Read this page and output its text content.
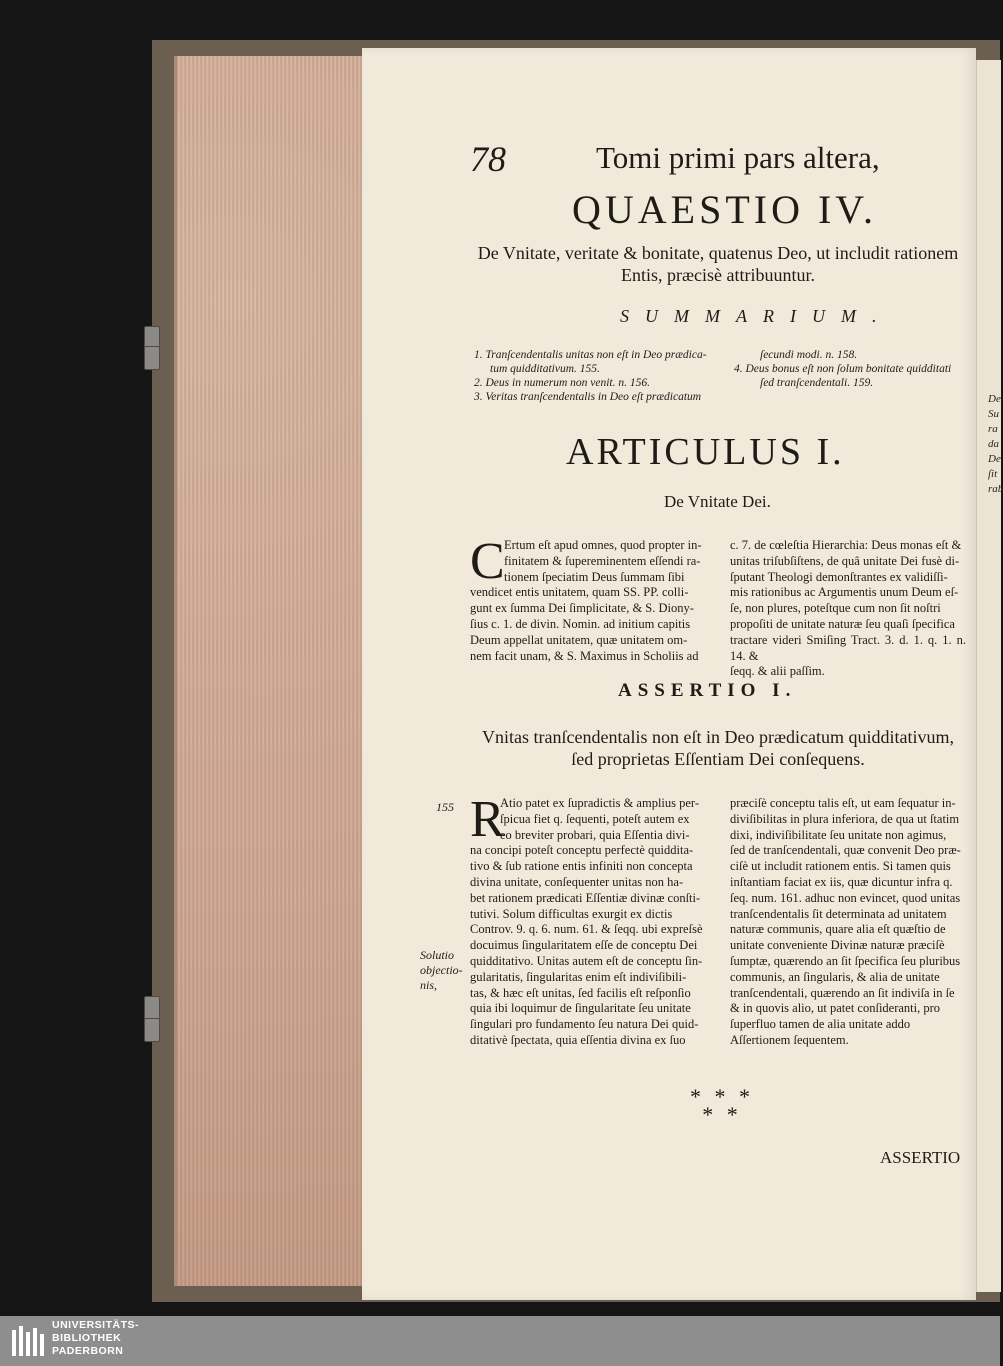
De
Su
ra
da
De
ſit
rab
78	Tomi primi pars altera,
QUAESTIO IV.
De Vnitate, veritate & bonitate, quatenus Deo, ut includit rationem Entis, præcisè attribuuntur.
SUMMARIUM.
1. Tranſcendentalis unitas non eſt in Deo prædica-
tum quidditativum. 155.
2. Deus in numerum non venit. n. 156.
3. Veritas tranſcendentalis in Deo eſt prædicatum
ſecundi modi. n. 158.
4. Deus bonus eſt non ſolum bonitate quidditati
ſed tranſcendentali. 159.
ARTICULUS I.
De Vnitate Dei.
C Ertum eſt apud omnes, quod propter in-
finitatem & ſupereminentem eſſendi ra-
tionem ſpeciatim Deus ſummam ſibi
vendicet entis unitatem, quam SS. PP. colli-
gunt ex ſumma Dei ſimplicitate, & S. Diony-
ſius c. 1. de divin. Nomin. ad initium capitis
Deum appellat unitatem, quæ unitatem om-
nem facit unam, & S. Maximus in Scholiis ad
c. 7. de cœleſtia Hierarchia: Deus monas eſt &
unitas triſubſiſtens, de quâ unitate Dei fusè di-
ſputant Theologi demonſtrantes ex validiſſi-
mis rationibus ac Argumentis unum Deum eſ-
ſe, non plures, poteſtque cum non ſit noſtri
propoſiti de unitate naturæ ſeu quaſi ſpecifica
tractare videri Smiſing Tract. 3. d. 1. q. 1. n. 14. &
ſeqq. & alii paſſim.
ASSERTIO I.
Vnitas tranſcendentalis non eſt in Deo prædicatum quidditativum, ſed proprietas Eſſentiam Dei conſequens.
155
Solutio
objectio-
nis,
R
Atio patet ex ſupradictis & amplius per-
ſpicua fiet q. ſequenti, poteſt autem ex
eo breviter probari, quia Eſſentia divi-
na concipi poteſt conceptu perfectè quiddita-
tivo & ſub ratione entis infiniti non concepta
divina unitate, conſequenter unitas non ha-
bet rationem prædicati Eſſentiæ divinæ conſti-
tutivi. Solum difficultas exurgit ex dictis
Controv. 9. q. 6. num. 61. & ſeqq. ubi expreſsè
docuimus ſingularitatem eſſe de conceptu Dei
quidditativo. Unitas autem eſt de conceptu ſin-
gularitatis, ſingularitas enim eſt indiviſibili-
tas, & hæc eſt unitas, ſed facilis eſt reſponſio
quia ibi loquimur de ſingularitate ſeu unitate
ſingulari pro fundamento ſeu natura Dei quid-
ditativè ſpectata, quia eſſentia divina ex ſuo
præciſè conceptu talis eſt, ut eam ſequatur in-
diviſibilitas in plura inferiora, de qua ut ſtatim
dixi, indiviſibilitate ſeu unitate non agimus,
ſed de tranſcendentali, quæ convenit Deo præ-
ciſè ut includit rationem entis. Si tamen quis
inſtantiam faciat ex iis, quæ dicuntur infra q.
ſeq. num. 161. adhuc non evincet, quod unitas
tranſcendentalis ſit determinata ad unitatem
naturæ communis, quare alia eſt quæſtio de
unitate conveniente Divinæ naturæ præciſè
ſumptæ, quærendo an ſit ſpecifica ſeu pluribus
communis, an ſingularis, & alia de unitate
tranſcendentali, quærendo an ſit indiviſa in ſe
& in quovis alio, ut patet conſideranti, pro
ſuperfluo tamen de alia unitate addo
Aſſertionem ſequentem.
* * *
* *
ASSERTIO
UNIVERSITÄTS-
BIBLIOTHEK
PADERBORN
